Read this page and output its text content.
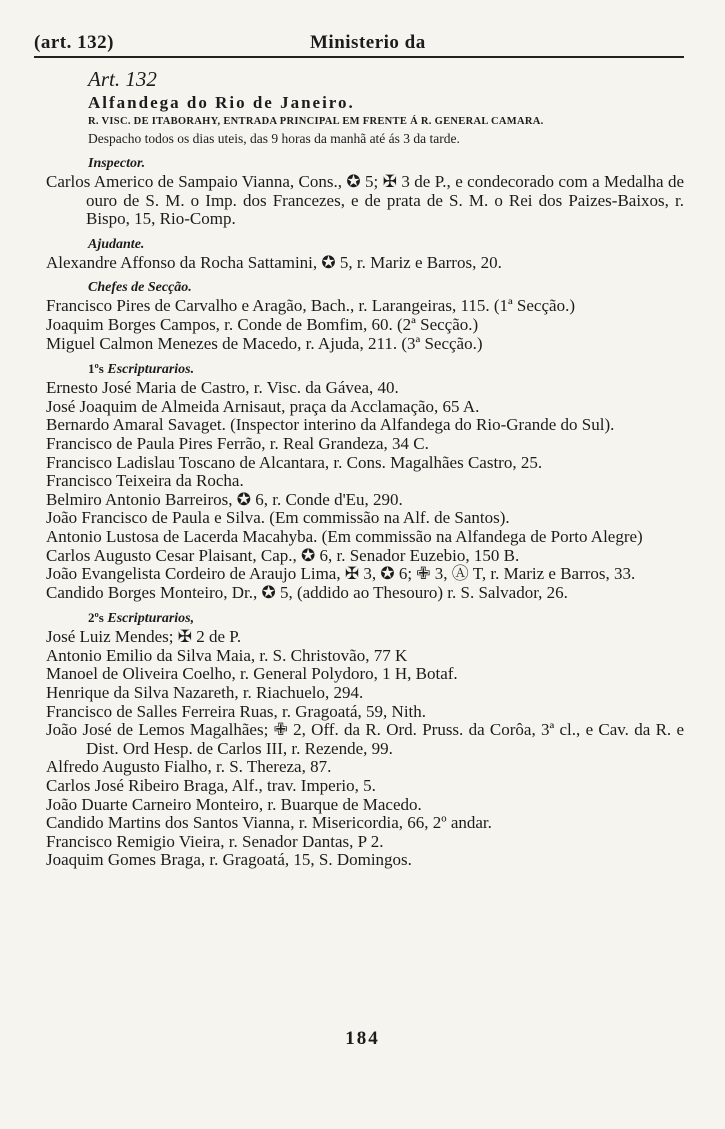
(art. 132)	Ministerio da
Art. 132
Alfandega do Rio de Janeiro.
R. VISC. DE ITABORAHY, ENTRADA PRINCIPAL EM FRENTE Á R. GENERAL CAMARA.
Despacho todos os dias uteis, das 9 horas da manhã até ás 3 da tarde.
Inspector.
Carlos Americo de Sampaio Vianna, Cons., ✪ 5; ✠ 3 de P., e condecorado com a Medalha de ouro de S. M. o Imp. dos Francezes, e de prata de S. M. o Rei dos Paizes-Baixos, r. Bispo, 15, Rio-Comp.
Ajudante.
Alexandre Affonso da Rocha Sattamini, ✪ 5, r. Mariz e Barros, 20.
Chefes de Secção.
Francisco Pires de Carvalho e Aragão, Bach., r. Larangeiras, 115. (1ª Secção.)
Joaquim Borges Campos, r. Conde de Bomfim, 60. (2ª Secção.)
Miguel Calmon Menezes de Macedo, r. Ajuda, 211. (3ª Secção.)
1ºs Escripturarios.
Ernesto José Maria de Castro, r. Visc. da Gávea, 40.
José Joaquim de Almeida Arnisaut, praça da Acclamação, 65 A.
Bernardo Amaral Savaget. (Inspector interino da Alfandega do Rio-Grande do Sul).
Francisco de Paula Pires Ferrão, r. Real Grandeza, 34 C.
Francisco Ladislau Toscano de Alcantara, r. Cons. Magalhães Castro, 25.
Francisco Teixeira da Rocha.
Belmiro Antonio Barreiros, ✪ 6, r. Conde d'Eu, 290.
João Francisco de Paula e Silva. (Em commissão na Alf. de Santos).
Antonio Lustosa de Lacerda Macahyba. (Em commissão na Alfandega de Porto Alegre)
Carlos Augusto Cesar Plaisant, Cap., ✪ 6, r. Senador Euzebio, 150 B.
João Evangelista Cordeiro de Araujo Lima, ✠ 3, ✪ 6; ✙ 3, Ⓐ T, r. Mariz e Barros, 33.
Candido Borges Monteiro, Dr., ✪ 5, (addido ao Thesouro) r. S. Salvador, 26.
2ºs Escripturarios,
José Luiz Mendes; ✠ 2 de P.
Antonio Emilio da Silva Maia, r. S. Christovão, 77 K
Manoel de Oliveira Coelho, r. General Polydoro, 1 H, Botaf.
Henrique da Silva Nazareth, r. Riachuelo, 294.
Francisco de Salles Ferreira Ruas, r. Gragoatá, 59, Nith.
João José de Lemos Magalhães; ✙ 2, Off. da R. Ord. Pruss. da Corôa, 3ª cl., e Cav. da R. e Dist. Ord Hesp. de Carlos III, r. Rezende, 99.
Alfredo Augusto Fialho, r. S. Thereza, 87.
Carlos José Ribeiro Braga, Alf., trav. Imperio, 5.
João Duarte Carneiro Monteiro, r. Buarque de Macedo.
Candido Martins dos Santos Vianna, r. Misericordia, 66, 2º andar.
Francisco Remigio Vieira, r. Senador Dantas, P 2.
Joaquim Gomes Braga, r. Gragoatá, 15, S. Domingos.
184
